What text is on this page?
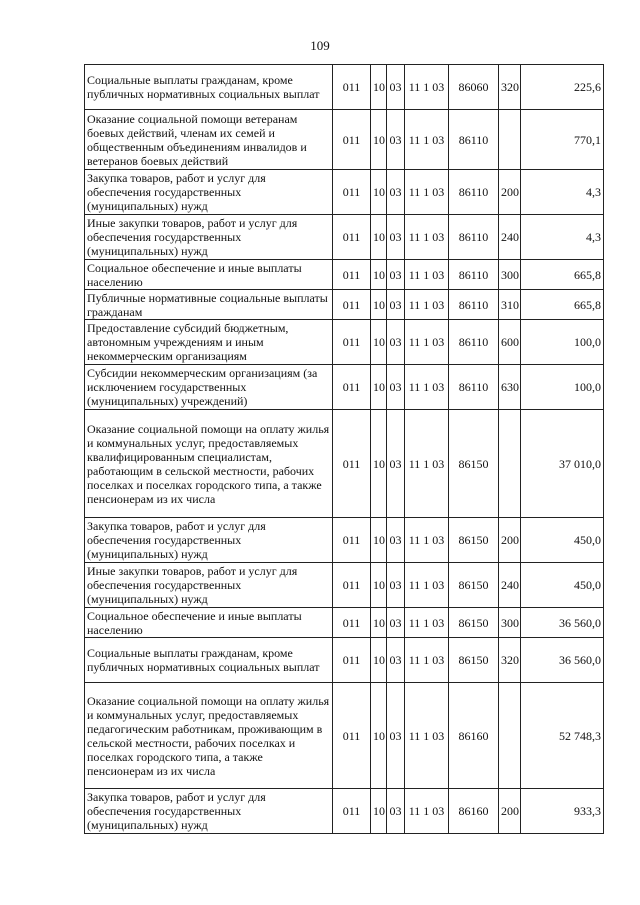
109
Социальные выплаты гражданам, кроме публичных нормативных социальных выплат	011	10	03	11 1 03	86060	320	225,6
Оказание социальной помощи ветеранам боевых действий, членам их семей и общественным объединениям инвалидов и ветеранов боевых действий	011	10	03	11 1 03	86110		770,1
Закупка товаров, работ и услуг для обеспечения государственных (муниципальных) нужд	011	10	03	11 1 03	86110	200	4,3
Иные закупки товаров, работ и услуг для обеспечения государственных (муниципальных) нужд	011	10	03	11 1 03	86110	240	4,3
Социальное обеспечение и иные выплаты населению	011	10	03	11 1 03	86110	300	665,8
Публичные нормативные социальные выплаты гражданам	011	10	03	11 1 03	86110	310	665,8
Предоставление субсидий бюджетным, автономным учреждениям и иным некоммерческим организациям	011	10	03	11 1 03	86110	600	100,0
Субсидии некоммерческим организациям (за исключением государственных (муниципальных) учреждений)	011	10	03	11 1 03	86110	630	100,0
Оказание социальной помощи на оплату жилья и коммунальных услуг, предоставляемых квалифицированным специалистам, работающим в сельской местности, рабочих поселках и поселках городского типа, а также пенсионерам из их числа	011	10	03	11 1 03	86150		37 010,0
Закупка товаров, работ и услуг для обеспечения государственных (муниципальных) нужд	011	10	03	11 1 03	86150	200	450,0
Иные закупки товаров, работ и услуг для обеспечения государственных (муниципальных) нужд	011	10	03	11 1 03	86150	240	450,0
Социальное обеспечение и иные выплаты населению	011	10	03	11 1 03	86150	300	36 560,0
Социальные выплаты гражданам, кроме публичных нормативных социальных выплат	011	10	03	11 1 03	86150	320	36 560,0
Оказание социальной помощи на оплату жилья и коммунальных услуг, предоставляемых педагогическим работникам, проживающим в сельской местности, рабочих поселках и поселках городского типа, а также пенсионерам из их числа	011	10	03	11 1 03	86160		52 748,3
Закупка товаров, работ и услуг для обеспечения государственных (муниципальных) нужд	011	10	03	11 1 03	86160	200	933,3
